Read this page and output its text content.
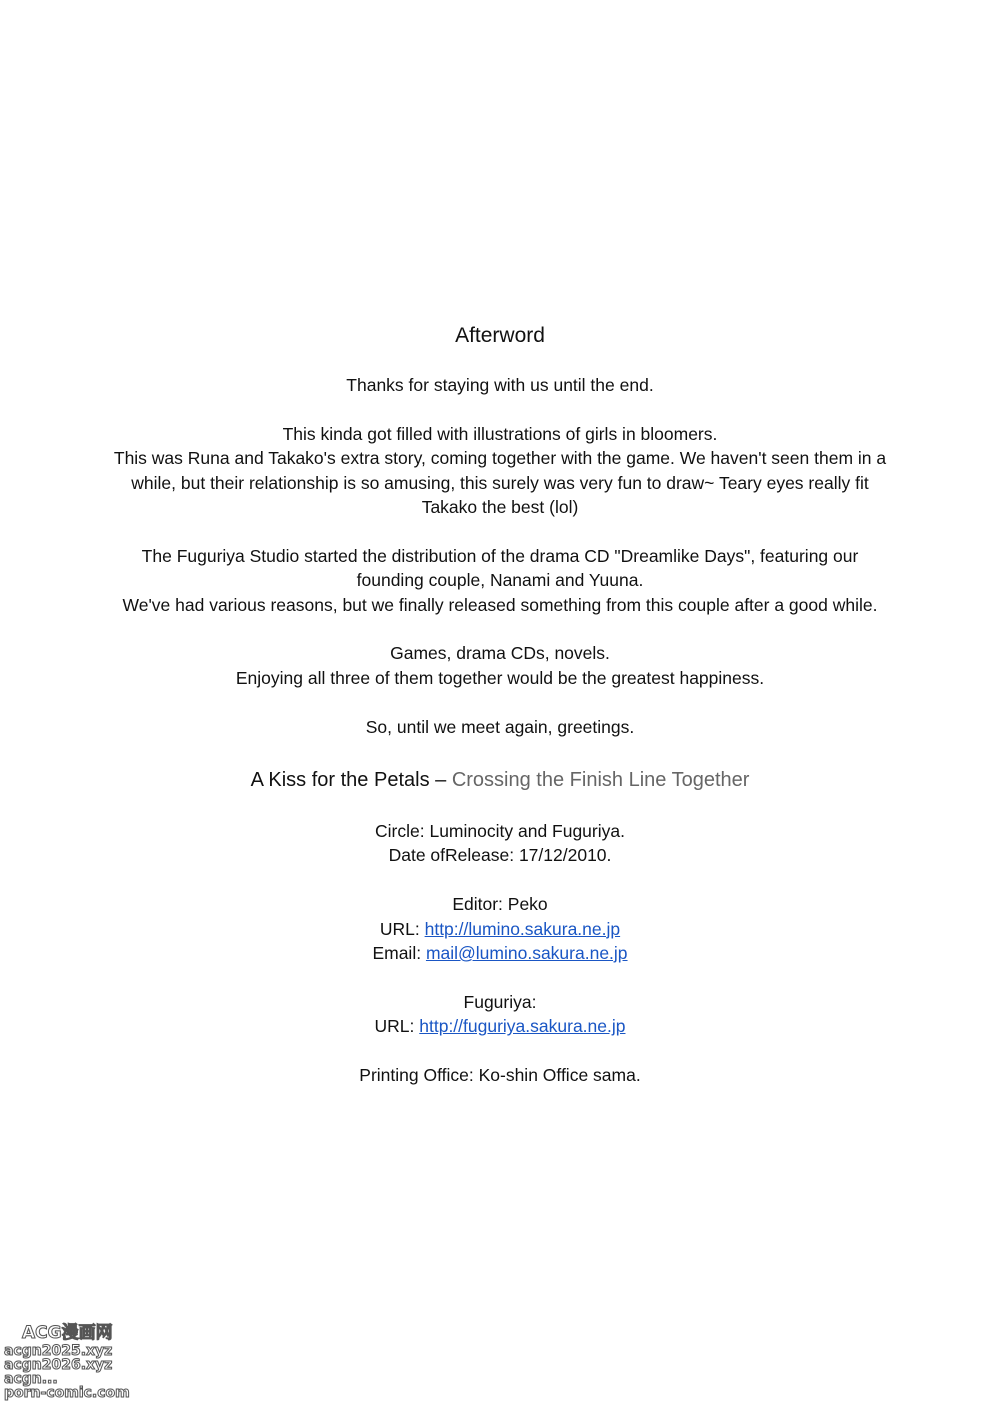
Afterword

Thanks for staying with us until the end.

This kinda got filled with illustrations of girls in bloomers.

This was Runa and Takako's extra story, coming together with the game. We haven't seen them in a while, but their relationship is so amusing, this surely was very fun to draw~ Teary eyes really fit Takako the best (lol)

The Fuguriya Studio started the distribution of the drama CD "Dreamlike Days", featuring our founding couple, Nanami and Yuuna.

We've had various reasons, but we finally released something from this couple after a good while.

Games, drama CDs, novels.

Enjoying all three of them together would be the greatest happiness.

So, until we meet again, greetings.

A Kiss for the Petals – Crossing the Finish Line Together

Circle: Luminocity and Fuguriya.

Date ofRelease: 17/12/2010.

Editor: Peko

URL: http://lumino.sakura.ne.jp

Email: mail@lumino.sakura.ne.jp

Fuguriya:

URL: http://fuguriya.sakura.ne.jp

Printing Office: Ko-shin Office sama.

ACG漫画网
acgn2025.xyz
acgn2026.xyz
acgn...
porn-comic.com
